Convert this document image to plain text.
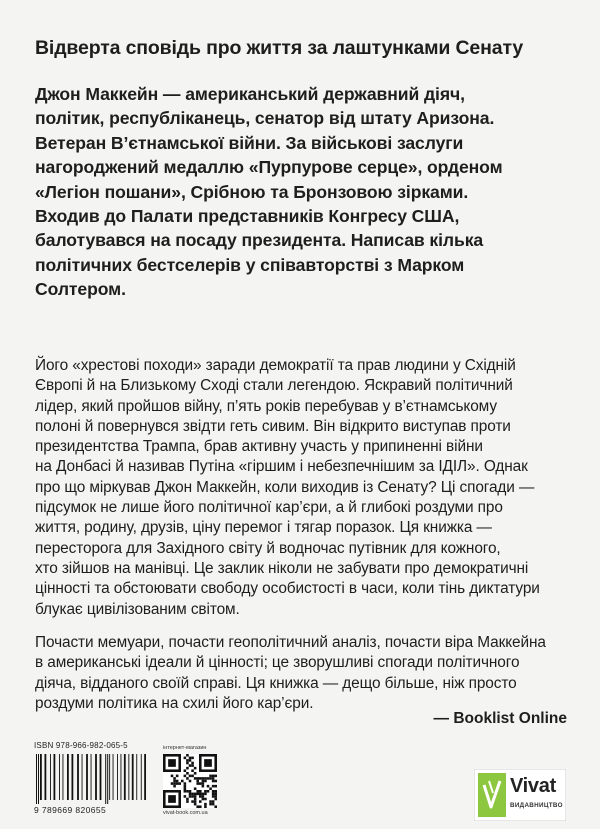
Відверта сповідь про життя за лаштунками Сенату
Джон Маккейн — американський державний діяч,
політик, республіканець, сенатор від штату Аризона.
Ветеран В’єтнамської війни. За військові заслуги
нагороджений медаллю «Пурпурове серце», орденом
«Легіон пошани», Срібною та Бронзовою зірками.
Входив до Палати представників Конгресу США,
балотувався на посаду президента. Написав кілька
політичних бестселерів у співавторстві з Марком
Солтером.
Його «хрестові походи» заради демократії та прав людини у Східній
Європі й на Близькому Сході стали легендою. Яскравий політичний
лідер, який пройшов війну, п’ять років перебував у в’єтнамському
полоні й повернувся звідти геть сивим. Він відкрито виступав проти
президентства Трампа, брав активну участь у припиненні війни
на Донбасі й називав Путіна «гіршим і небезпечнішим за ІДІЛ». Однак
про що міркував Джон Маккейн, коли виходив із Сенату? Ці спогади —
підсумок не лише його політичної кар’єри, а й глибокі роздуми про
життя, родину, друзів, ціну перемог і тягар поразок. Ця книжка —
пересторога для Західного світу й водночас путівник для кожного,
хто зійшов на манівці. Це заклик ніколи не забувати про демократичні
цінності та обстоювати свободу особистості в часи, коли тінь диктатури
блукає цивілізованим світом.
Почасти мемуари, почасти геополітичний аналіз, почасти віра Маккейна
в американські ідеали й цінності; це зворушливі спогади політичного
діяча, відданого своїй справі. Ця книжка — дещо більше, ніж просто
роздуми політика на схилі його кар’єри.

— Booklist Online

ISBN 978-966-982-065-5
9 789669 820655
інтернет-магазин
vivat-book.com.ua
Vivat
ВИДАВНИЦТВО
